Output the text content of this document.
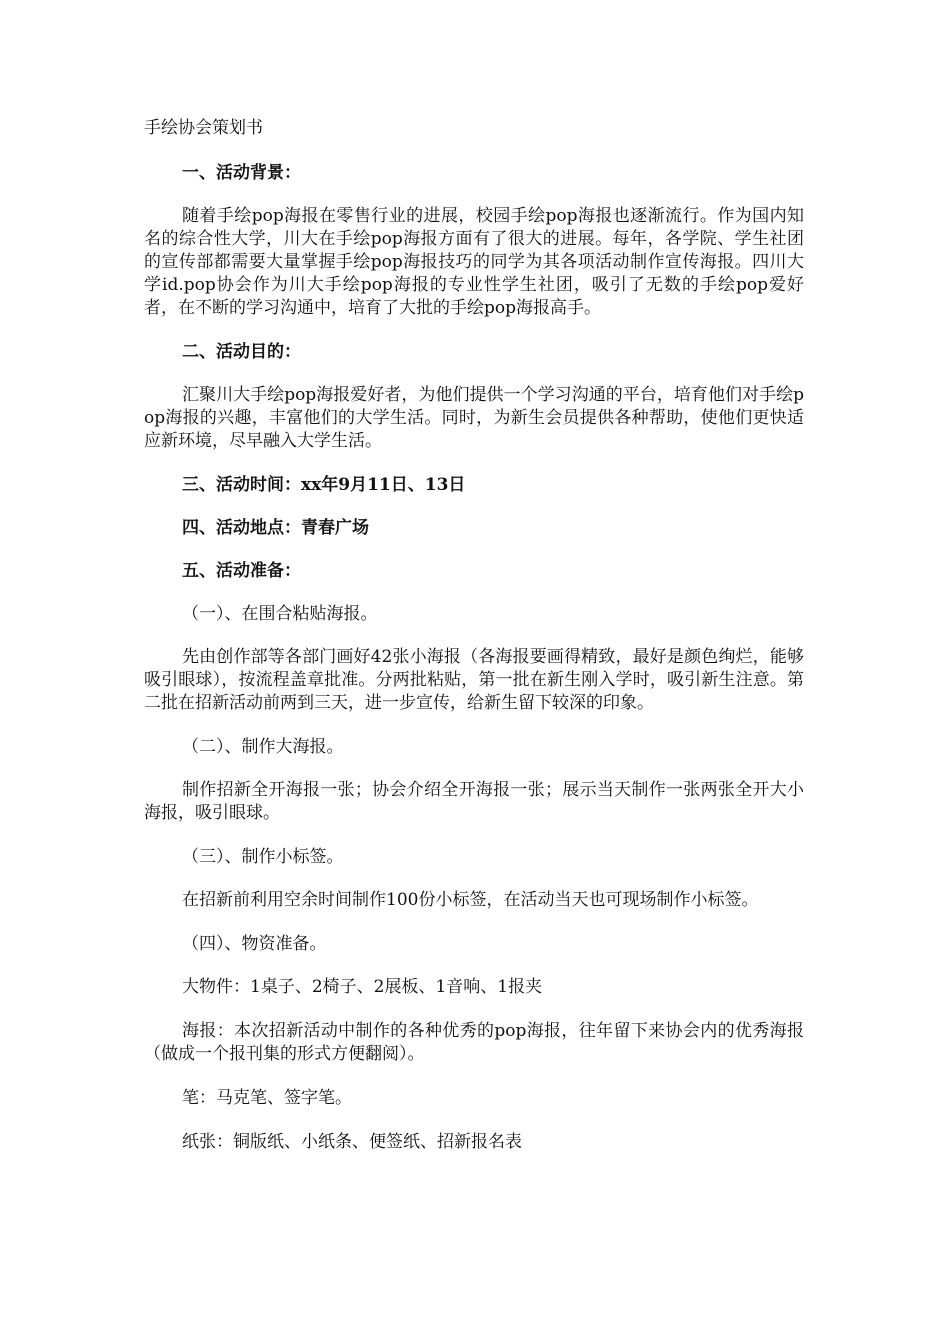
手绘协会策划书
一、活动背景：
随着手绘pop海报在零售行业的进展，校园手绘pop海报也逐渐流行。作为国内知名的综合性大学，川大在手绘pop海报方面有了很大的进展。每年，各学院、学生社团的宣传部都需要大量掌握手绘pop海报技巧的同学为其各项活动制作宣传海报。四川大学id.pop协会作为川大手绘pop海报的专业性学生社团，吸引了无数的手绘pop爱好者，在不断的学习沟通中，培育了大批的手绘pop海报高手。
二、活动目的：
汇聚川大手绘pop海报爱好者，为他们提供一个学习沟通的平台，培育他们对手绘pop海报的兴趣，丰富他们的大学生活。同时，为新生会员提供各种帮助，使他们更快适应新环境，尽早融入大学生活。
三、活动时间：xx年9月11日、13日
四、活动地点：青春广场
五、活动准备：
（一）、在围合粘贴海报。
先由创作部等各部门画好42张小海报（各海报要画得精致，最好是颜色绚烂，能够吸引眼球），按流程盖章批准。分两批粘贴，第一批在新生刚入学时，吸引新生注意。第二批在招新活动前两到三天，进一步宣传，给新生留下较深的印象。
（二）、制作大海报。
制作招新全开海报一张；协会介绍全开海报一张；展示当天制作一张两张全开大小海报，吸引眼球。
（三）、制作小标签。
在招新前利用空余时间制作100份小标签，在活动当天也可现场制作小标签。
（四）、物资准备。
大物件：1桌子、2椅子、2展板、1音响、1报夹
海报：本次招新活动中制作的各种优秀的pop海报，往年留下来协会内的优秀海报（做成一个报刊集的形式方便翻阅）。
笔：马克笔、签字笔。
纸张：铜版纸、小纸条、便签纸、招新报名表
